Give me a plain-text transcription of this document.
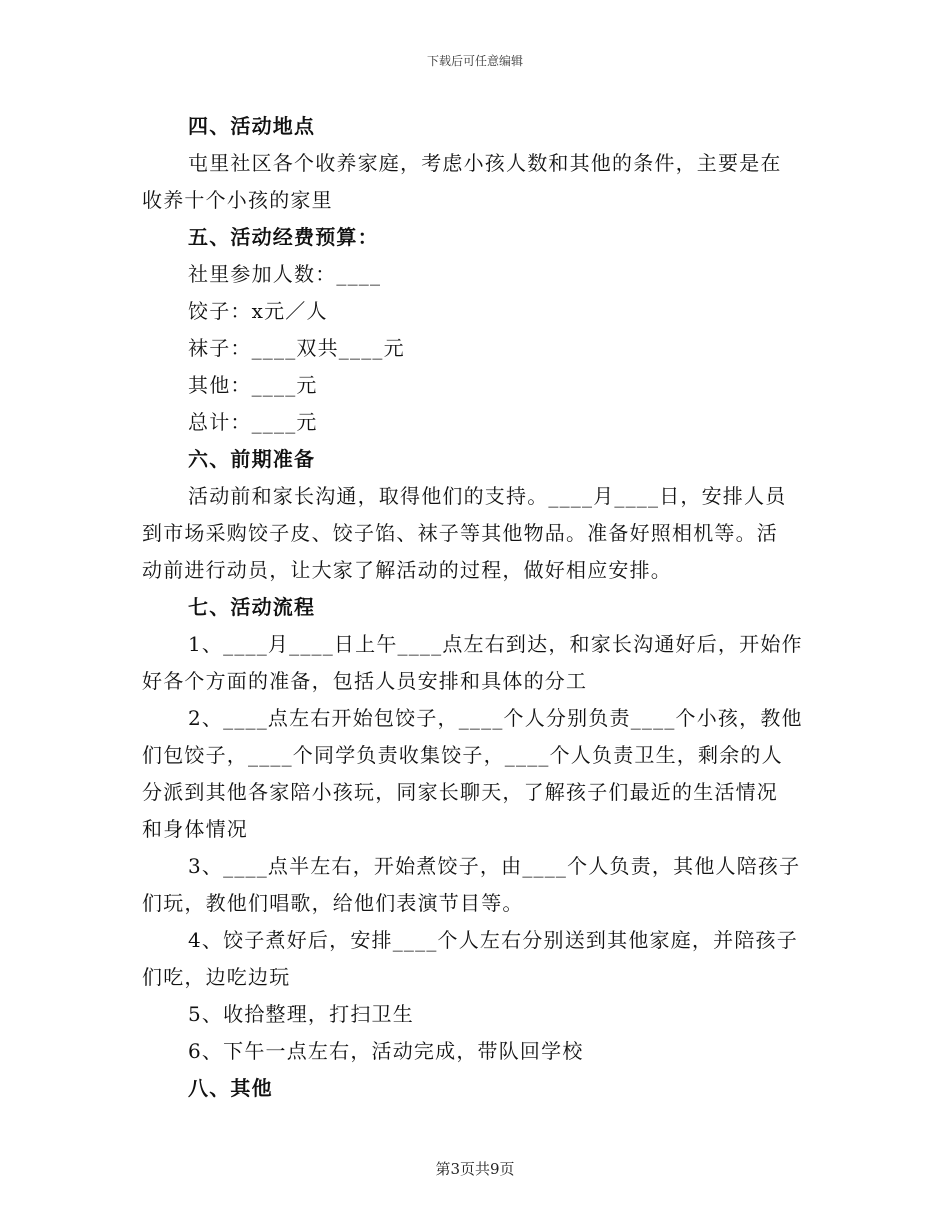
下载后可任意编辑
四、活动地点
屯里社区各个收养家庭，考虑小孩人数和其他的条件，主要是在
收养十个小孩的家里
五、活动经费预算：
社里参加人数：____
饺子：x元／人
袜子：____双共____元
其他：____元
总计：____元
六、前期准备
活动前和家长沟通，取得他们的支持。____月____日，安排人员
到市场采购饺子皮、饺子馅、袜子等其他物品。准备好照相机等。活
动前进行动员，让大家了解活动的过程，做好相应安排。
七、活动流程
1、____月____日上午____点左右到达，和家长沟通好后，开始作
好各个方面的准备，包括人员安排和具体的分工
2、____点左右开始包饺子，____个人分别负责____个小孩，教他
们包饺子，____个同学负责收集饺子，____个人负责卫生，剩余的人
分派到其他各家陪小孩玩，同家长聊天，了解孩子们最近的生活情况
和身体情况
3、____点半左右，开始煮饺子，由____个人负责，其他人陪孩子
们玩，教他们唱歌，给他们表演节目等。
4、饺子煮好后，安排____个人左右分别送到其他家庭，并陪孩子
们吃，边吃边玩
5、收拾整理，打扫卫生
6、下午一点左右，活动完成，带队回学校
八、其他
第3页共9页
